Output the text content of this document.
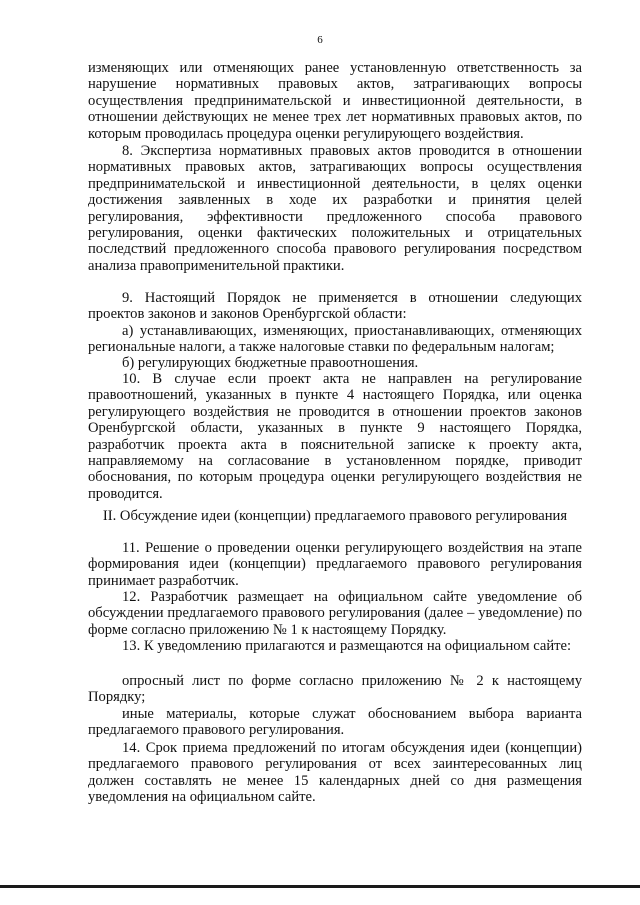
6

изменяющих или отменяющих ранее установленную ответственность за нарушение нормативных правовых актов, затрагивающих вопросы осуществления предпринимательской и инвестиционной деятельности, в отношении действующих не менее трех лет нормативных правовых актов, по которым проводилась процедура оценки регулирующего воздействия.

8. Экспертиза нормативных правовых актов проводится в отношении нормативных правовых актов, затрагивающих вопросы осуществления предпринимательской и инвестиционной деятельности, в целях оценки достижения заявленных в ходе их разработки и принятия целей регулирования, эффективности предложенного способа правового регулирования, оценки фактических положительных и отрицательных последствий предложенного способа правового регулирования посредством анализа правоприменительной практики.

9. Настоящий Порядок не применяется в отношении следующих проектов законов и законов Оренбургской области:

а) устанавливающих, изменяющих, приостанавливающих, отменяющих региональные налоги, а также налоговые ставки по федеральным налогам;

б) регулирующих бюджетные правоотношения.

10. В случае если проект акта не направлен на регулирование правоотношений, указанных в пункте 4 настоящего Порядка, или оценка регулирующего воздействия не проводится в отношении проектов законов Оренбургской области, указанных в пункте 9 настоящего Порядка, разработчик проекта акта в пояснительной записке к проекту акта, направляемому на согласование в установленном порядке, приводит обоснования, по которым процедура оценки регулирующего воздействия не проводится.

II. Обсуждение идеи (концепции) предлагаемого правового регулирования

11. Решение о проведении оценки регулирующего воздействия на этапе формирования идеи (концепции) предлагаемого правового регулирования принимает разработчик.

12. Разработчик размещает на официальном сайте уведомление об обсуждении предлагаемого правового регулирования (далее – уведомление) по форме согласно приложению № 1 к настоящему Порядку.

13. К уведомлению прилагаются и размещаются на официальном сайте:

опросный лист по форме согласно приложению № 2 к настоящему Порядку;

иные материалы, которые служат обоснованием выбора варианта предлагаемого правового регулирования.

14. Срок приема предложений по итогам обсуждения идеи (концепции) предлагаемого правового регулирования от всех заинтересованных лиц должен составлять не менее 15 календарных дней со дня размещения уведомления на официальном сайте.
